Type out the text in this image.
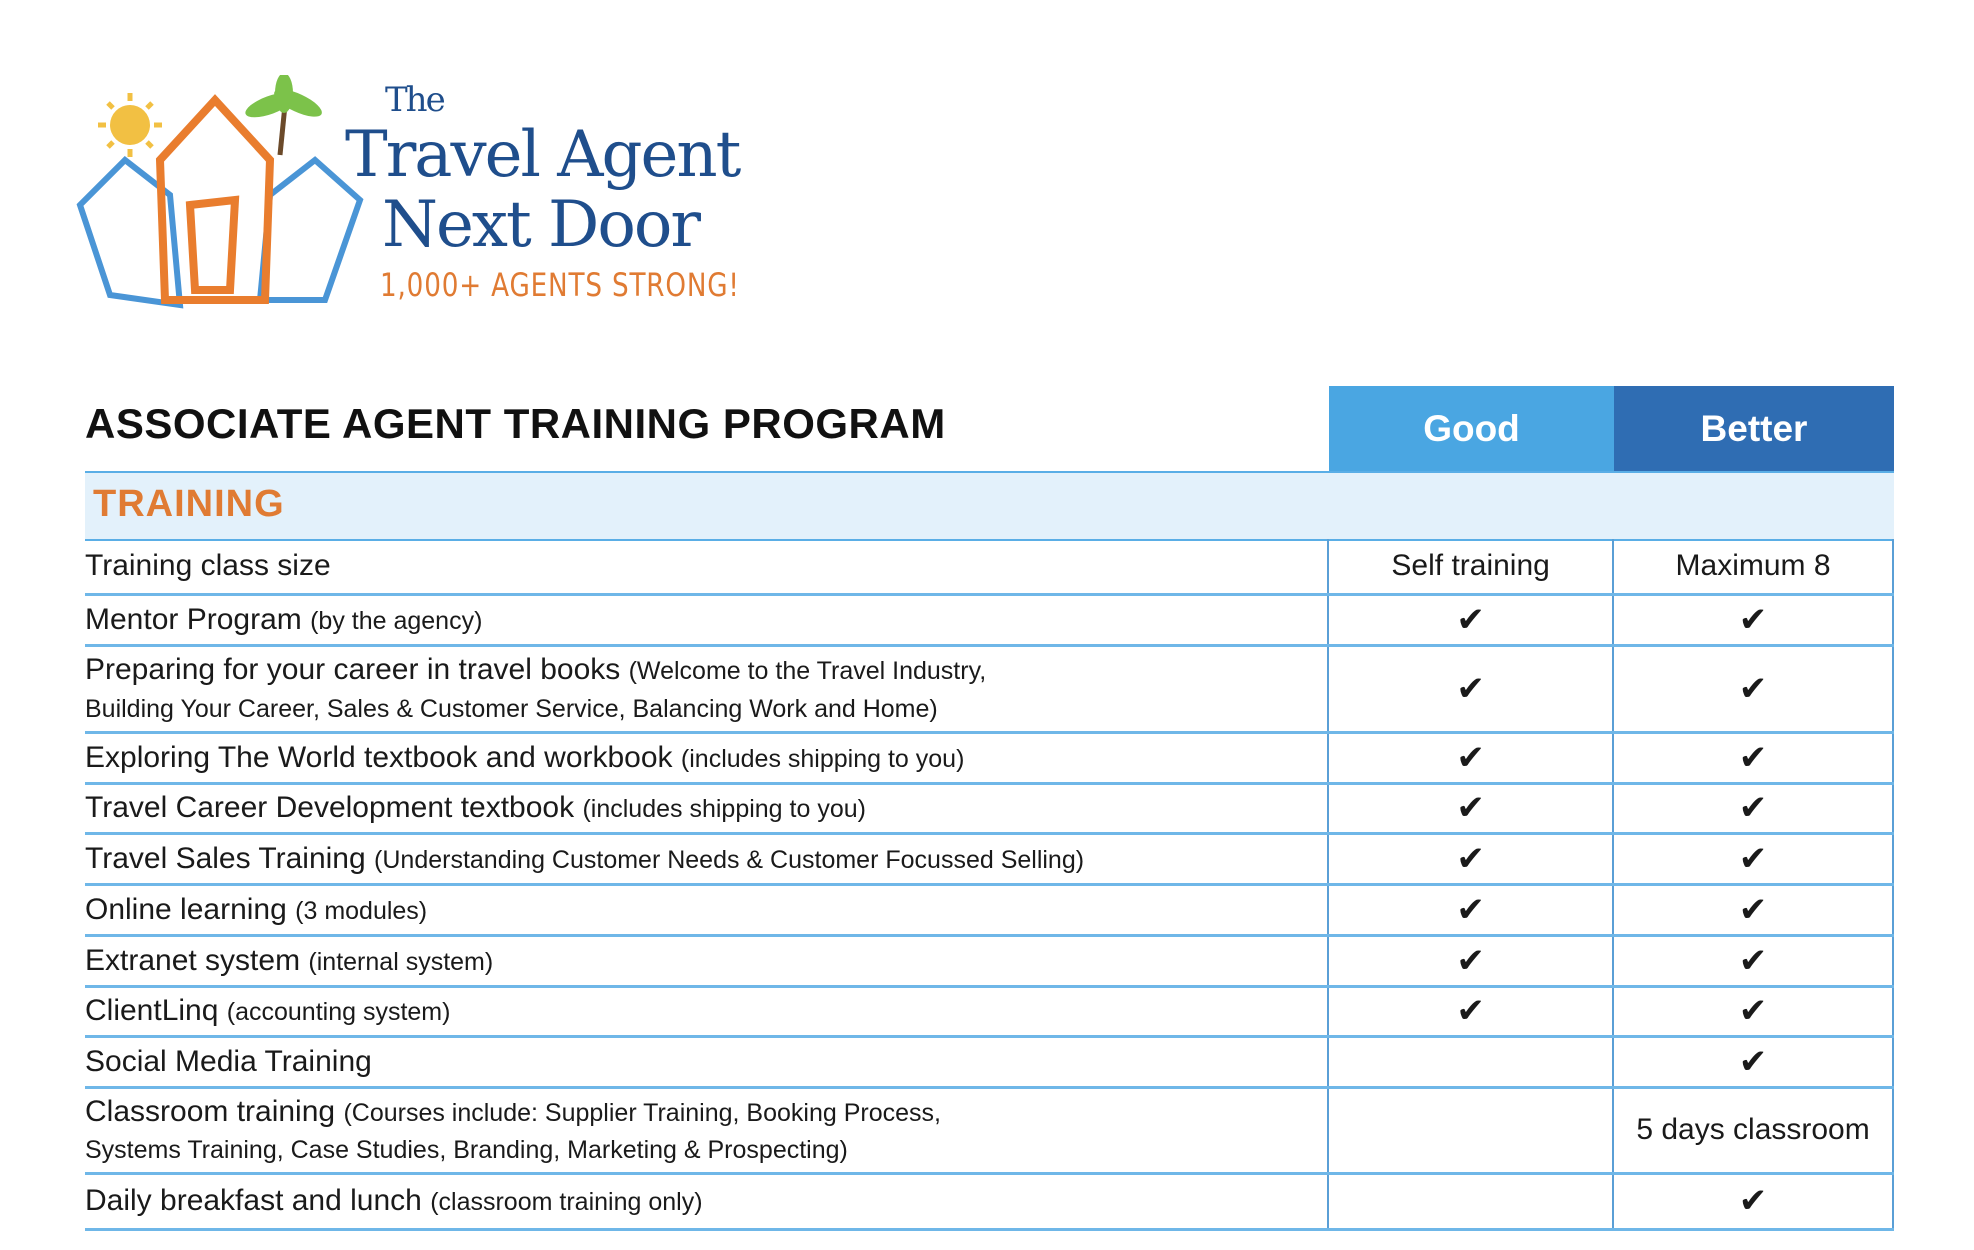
The
Travel Agent
Next Door
1,000+ AGENTS STRONG!
ASSOCIATE AGENT TRAINING PROGRAM	Good	Better
TRAINING
Training class size	Self training	Maximum 8
Mentor Program (by the agency)	✔	✔
Preparing for your career in travel books (Welcome to the Travel Industry,
Building Your Career, Sales & Customer Service, Balancing Work and Home)	✔	✔
Exploring The World textbook and workbook (includes shipping to you)	✔	✔
Travel Career Development textbook (includes shipping to you)	✔	✔
Travel Sales Training (Understanding Customer Needs & Customer Focussed Selling)	✔	✔
Online learning (3 modules)	✔	✔
Extranet system (internal system)	✔	✔
ClientLinq (accounting system)	✔	✔
Social Media Training		✔
Classroom training (Courses include: Supplier Training, Booking Process,
Systems Training, Case Studies, Branding, Marketing & Prospecting)		5 days classroom
Daily breakfast and lunch (classroom training only)		✔
